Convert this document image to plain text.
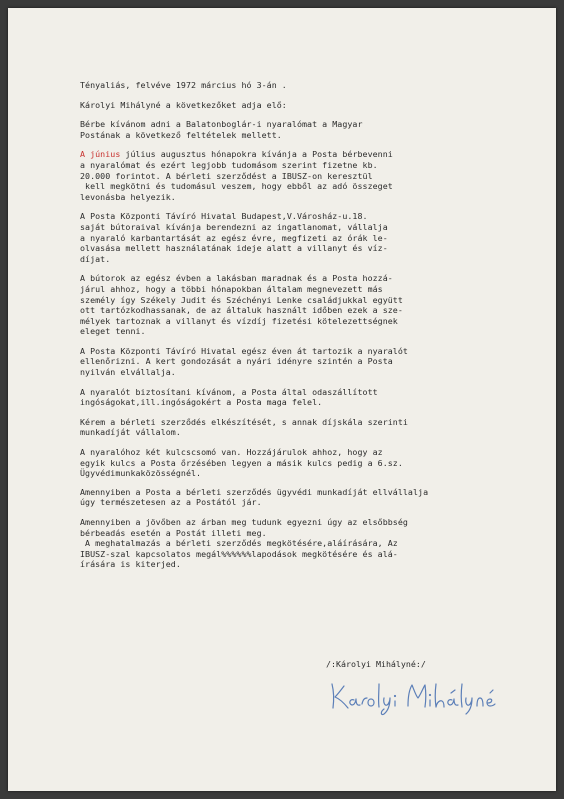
Tényaliás, felvéve 1972 március hó 3-án .
Károlyi Mihályné a következőket adja elő:
Bérbe kívánom adni a Balatonboglár-i nyaralómat a Magyar
Postának a következő feltételek mellett.
A június július augusztus hónapokra kívánja a Posta bérbevenni
a nyaralómat és ezért legjobb tudomásom szerint fizetne kb.
20.000 forintot. A bérleti szerződést a IBUSZ-on keresztül
kell megkötni és tudomásul veszem, hogy ebből az adó összeget
levonásba helyezik.
A Posta Központi Távíró Hivatal Budapest,V.Városház-u.18.
saját bútoraival kívánja berendezni az ingatlanomat, vállalja
a nyaraló karbantartását az egész évre, megfizeti az órák le-
olvasása mellett használatának ideje alatt a villanyt és víz-
díjat.
A bútorok az egész évben a lakásban maradnak és a Posta hozzá-
járul ahhoz, hogy a többi hónapokban általam megnevezett más
személy így Székely Judit és Széchényi Lenke családjukkal együtt
ott tartózkodhassanak, de az általuk használt időben ezek a sze-
mélyek tartoznak a villanyt és vízdíj fizetési kötelezettségnek
eleget tenni.
A Posta Központi Távíró Hivatal egész éven át tartozik a nyaralót
ellenőrizni. A kert gondozását a nyári idényre szintén a Posta
nyilván elvállalja.
A nyaralót biztosítani kívánom, a Posta által odaszállított
ingóságokat,ill.ingóságokért a Posta maga felel.
Kérem a bérleti szerződés elkészítését, s annak díjskála szerinti
munkadíját vállalom.
A nyaralóhoz két kulcscsomó van. Hozzájárulok ahhoz, hogy az
egyik kulcs a Posta őrzésében legyen a másik kulcs pedig a 6.sz.
Ügyvédimunkaközösségnél.
Amennyiben a Posta a bérleti szerződés ügyvédi munkadíját ellvállalja
úgy természetesen az a Postától jár.
Amennyiben a jövőben az árban meg tudunk egyezni úgy az elsőbbség
bérbeadás esetén a Postát illeti meg.
A meghatalmazás a bérleti szerződés megkötésére,aláírására, Az
IBUSZ-szal kapcsolatos megál%%%%%%lapodások megkötésére és alá-
írására is kiterjed.
/:Károlyi Mihályné:/
